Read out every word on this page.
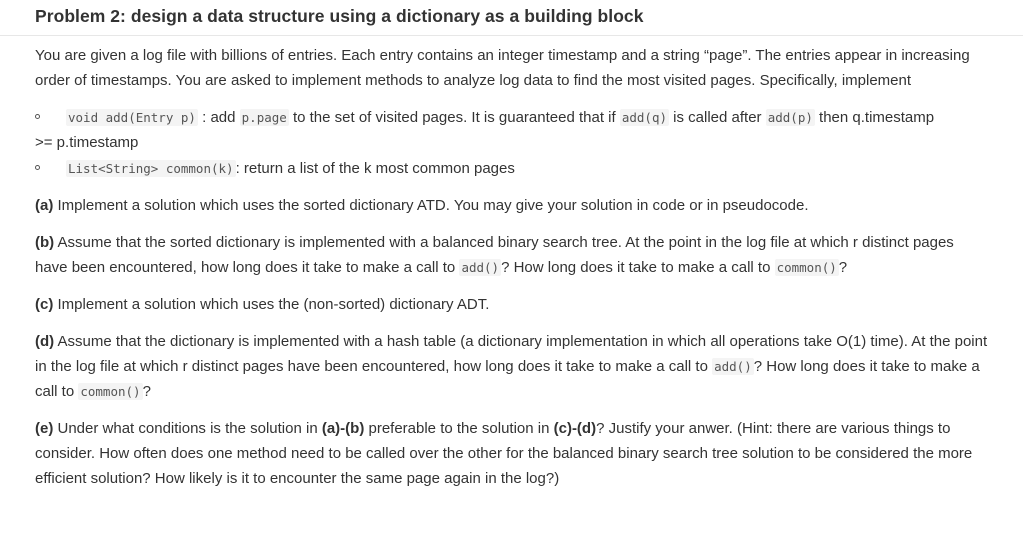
Problem 2: design a data structure using a dictionary as a building block

You are given a log file with billions of entries. Each entry contains an integer timestamp and a string “page”. The entries appear in increasing order of timestamps. You are asked to implement methods to analyze log data to find the most visited pages. Specifically, implement

void add(Entry p) : add p.page to the set of visited pages. It is guaranteed that if add(q) is called after add(p) then q.timestamp
>= p.timestamp
List<String> common(k) : return a list of the k most common pages

(a) Implement a solution which uses the sorted dictionary ATD. You may give your solution in code or in pseudocode.

(b) Assume that the sorted dictionary is implemented with a balanced binary search tree. At the point in the log file at which r distinct pages have been encountered, how long does it take to make a call to add() ? How long does it take to make a call to common() ?

(c) Implement a solution which uses the (non-sorted) dictionary ADT.

(d) Assume that the dictionary is implemented with a hash table (a dictionary implementation in which all operations take O(1) time). At the point in the log file at which r distinct pages have been encountered, how long does it take to make a call to add() ? How long does it take to make a call to common() ?

(e) Under what conditions is the solution in (a)-(b) preferable to the solution in (c)-(d)? Justify your anwer. (Hint: there are various things to consider. How often does one method need to be called over the other for the balanced binary search tree solution to be considered the more efficient solution? How likely is it to encounter the same page again in the log?)
